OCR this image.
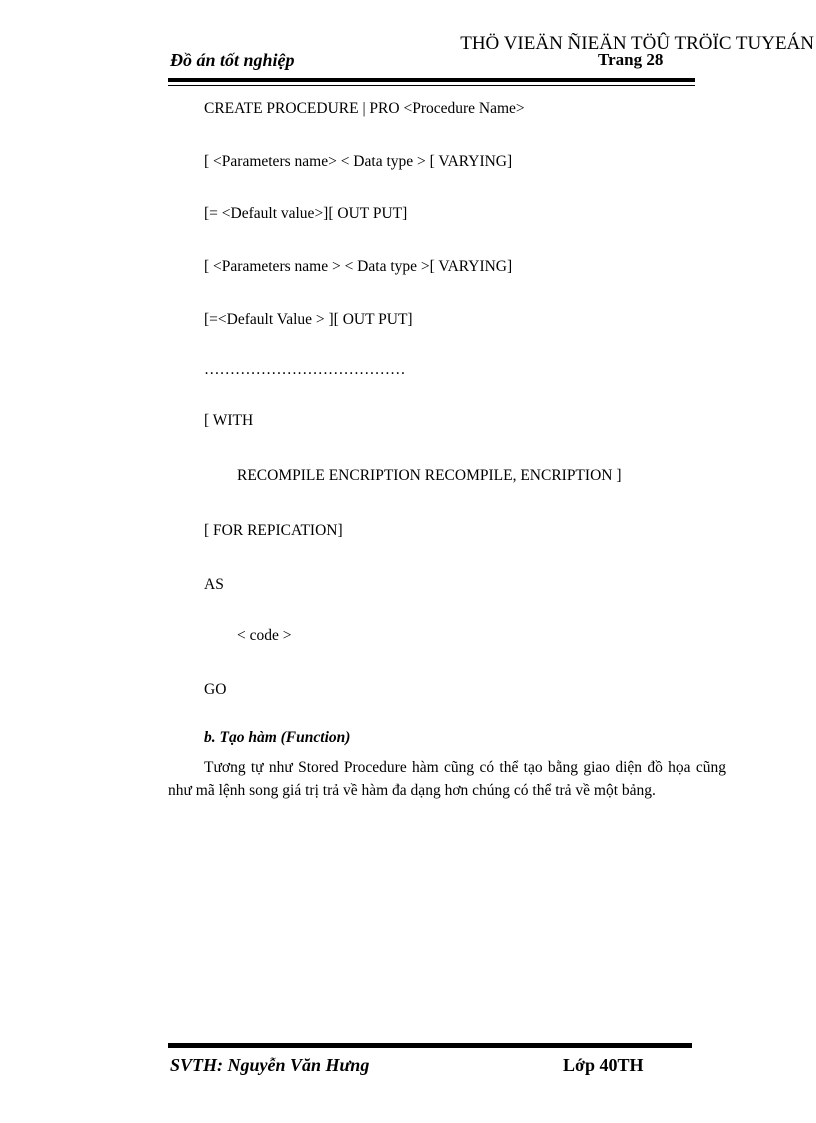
Đồ án tốt nghiệp
THÖ VIEÄN ÑIEÄN TÖÛ TRÖÏC TUYEÁN
Trang 28
CREATE PROCEDURE | PRO <Procedure Name>
[ <Parameters name> < Data type > [ VARYING]
[= <Default value>][ OUT PUT]
[ <Parameters name > < Data type >[ VARYING]
[=<Default Value > ][ OUT PUT]
…………………………………
[ WITH
RECOMPILE ENCRIPTION RECOMPILE, ENCRIPTION ]
[ FOR REPICATION]
AS
< code >
GO
b. Tạo hàm (Function)
Tương tự như Stored Procedure hàm cũng có thể tạo bằng giao diện đồ họa cũng như mã lệnh song giá trị trả về hàm đa dạng hơn chúng có thể trả về một bảng.
SVTH: Nguyễn Văn Hưng	Lớp 40TH
